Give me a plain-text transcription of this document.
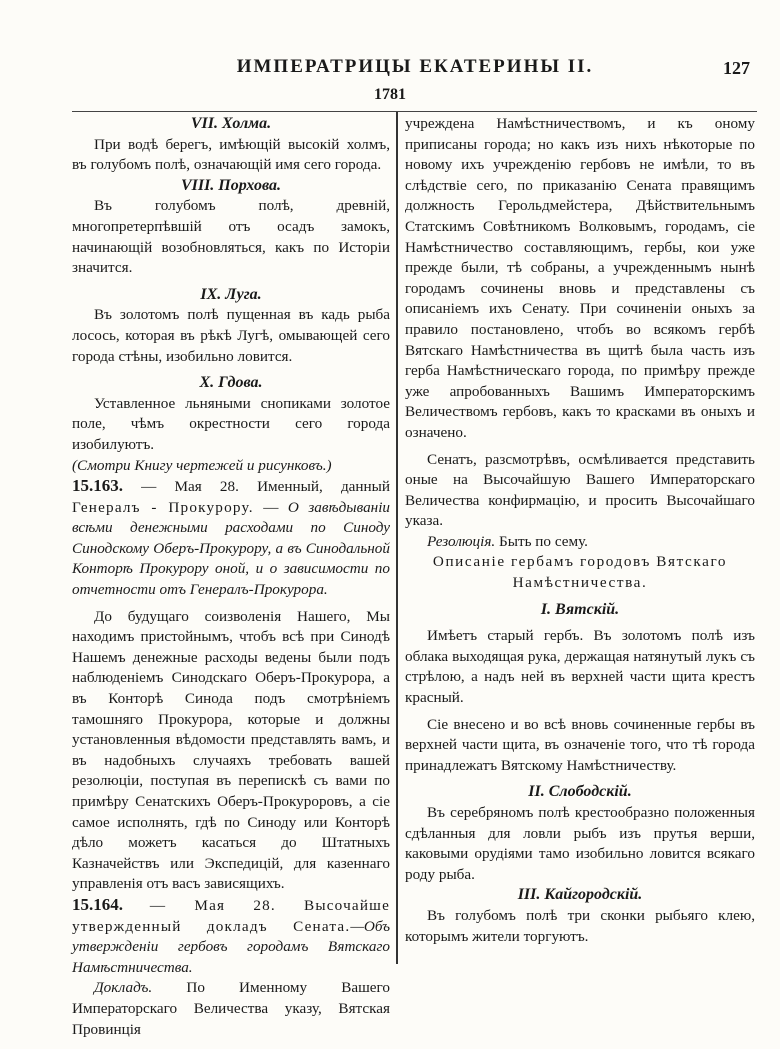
ИМПЕРАТРИЦЫ ЕКАТЕРИНЫ II.	127
1781

VII. Холма.

При водѣ берегъ, имѣющій высокій холмъ, въ голубомъ полѣ, означающій имя сего города.

VIII. Порхова.

Въ голубомъ полѣ, древній, многопретерпѣвшій отъ осадъ замокъ, начинающій возобновляться, какъ по Исторіи значится.

IX. Луга.

Въ золотомъ полѣ пущенная въ кадь рыба лосось, которая въ рѣкѣ Лугѣ, омывающей сего города стѣны, изобильно ловится.

X. Гдова.

Уставленное льняными снопиками золотое поле, чѣмъ окрестности сего города изобилуютъ.

(Смотри Книгу чертежей и рисунковъ.)

15.163. — Мая 28. Именный, данный Генералъ - Прокурору. — О завѣдываніи всѣми денежными расходами по Синоду Синодскому Оберъ-Прокурору, а въ Синодальной Конторѣ Прокурору оной, и о зависимости по отчетности отъ Генералъ-Прокурора.

До будущаго соизволенія Нашего, Мы находимъ пристойнымъ, чтобъ всѣ при Синодѣ Нашемъ денежные расходы ведены были подъ наблюденіемъ Синодскаго Оберъ-Прокурора, а въ Конторѣ Синода подъ смотрѣніемъ тамошняго Прокурора, которые и должны установленныя вѣдомости представлять вамъ, и въ надобныхъ случаяхъ требовать вашей резолюціи, поступая въ перепискѣ съ вами по примѣру Сенатскихъ Оберъ-Прокуроровъ, а сіе самое исполнять, гдѣ по Синоду или Конторѣ дѣло можетъ касаться до Штатныхъ Казначействъ или Экспедицій, для казеннаго управленія отъ васъ зависящихъ.

15.164. — Мая 28. Высочайше утвержденный докладъ Сената.—Объ утвержденіи гербовъ городамъ Вятскаго Намѣстничества.

Докладъ. По Именному Вашего Императорскаго Величества указу, Вятская Провинція

учреждена Намѣстничествомъ, и къ оному приписаны города; но какъ изъ нихъ нѣкоторые по новому ихъ учрежденію гербовъ не имѣли, то въ слѣдствіе сего, по приказанію Сената правящимъ должность Герольдмейстера, Дѣйствительнымъ Статскимъ Совѣтникомъ Волковымъ, городамъ, сіе Намѣстничество составляющимъ, гербы, кои уже прежде были, тѣ собраны, а учрежденнымъ нынѣ городамъ сочинены вновь и представлены съ описаніемъ ихъ Сенату. При сочиненіи оныхъ за правило постановлено, чтобъ во всякомъ гербѣ Вятскаго Намѣстничества въ щитѣ была часть изъ герба Намѣстническаго города, по примѣру прежде уже апробованныхъ Вашимъ Императорскимъ Величествомъ гербовъ, какъ то красками въ оныхъ и означено.

Сенатъ, разсмотрѣвъ, осмѣливается представить оные на Высочайшую Вашего Императорскаго Величества конфирмацію, и просить Высочайшаго указа.

Резолюція. Быть по сему.

Описаніе гербамъ городовъ Вятскаго Намѣстничества.

I. Вятскій.

Имѣетъ старый гербъ. Въ золотомъ полѣ изъ облака выходящая рука, держащая натянутый лукъ съ стрѣлою, а надъ ней въ верхней части щита крестъ красный.

Сіе внесено и во всѣ вновь сочиненные гербы въ верхней части щита, въ означеніе того, что тѣ города принадлежатъ Вятскому Намѣстничеству.

II. Слободскій.

Въ серебряномъ полѣ крестообразно положенныя сдѣланныя для ловли рыбъ изъ прутья верши, каковыми орудіями тамо изобильно ловится всякаго роду рыба.

III. Кайгородскій.

Въ голубомъ полѣ три сконки рыбьяго клею, которымъ жители торгуютъ.
